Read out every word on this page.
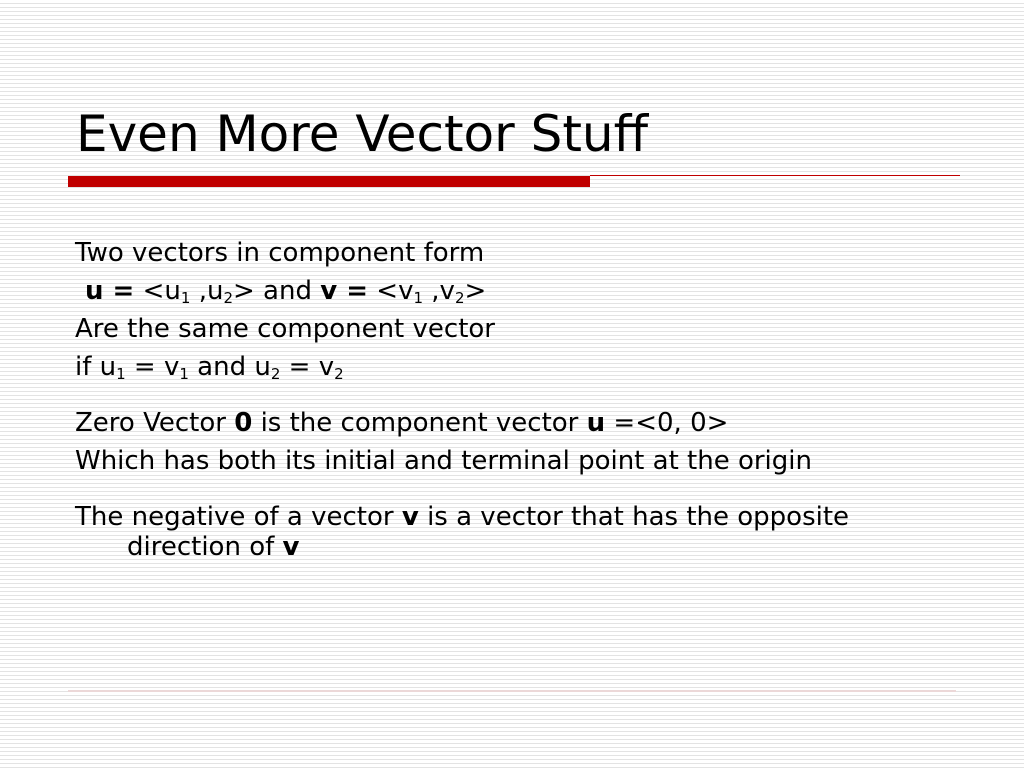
Even More Vector Stuff
Two vectors in component form
$u = <u_1$ $,u_2>$ and $v = <v_1$ $,v_2>$
Are the same component vector
if $u_1 = v_1$ and $u_2 = v_2$
Zero Vector 0 is the component vector u =<0, 0>
Which has both its initial and terminal point at the origin
The negative of a vector v is a vector that has the opposite direction of v
